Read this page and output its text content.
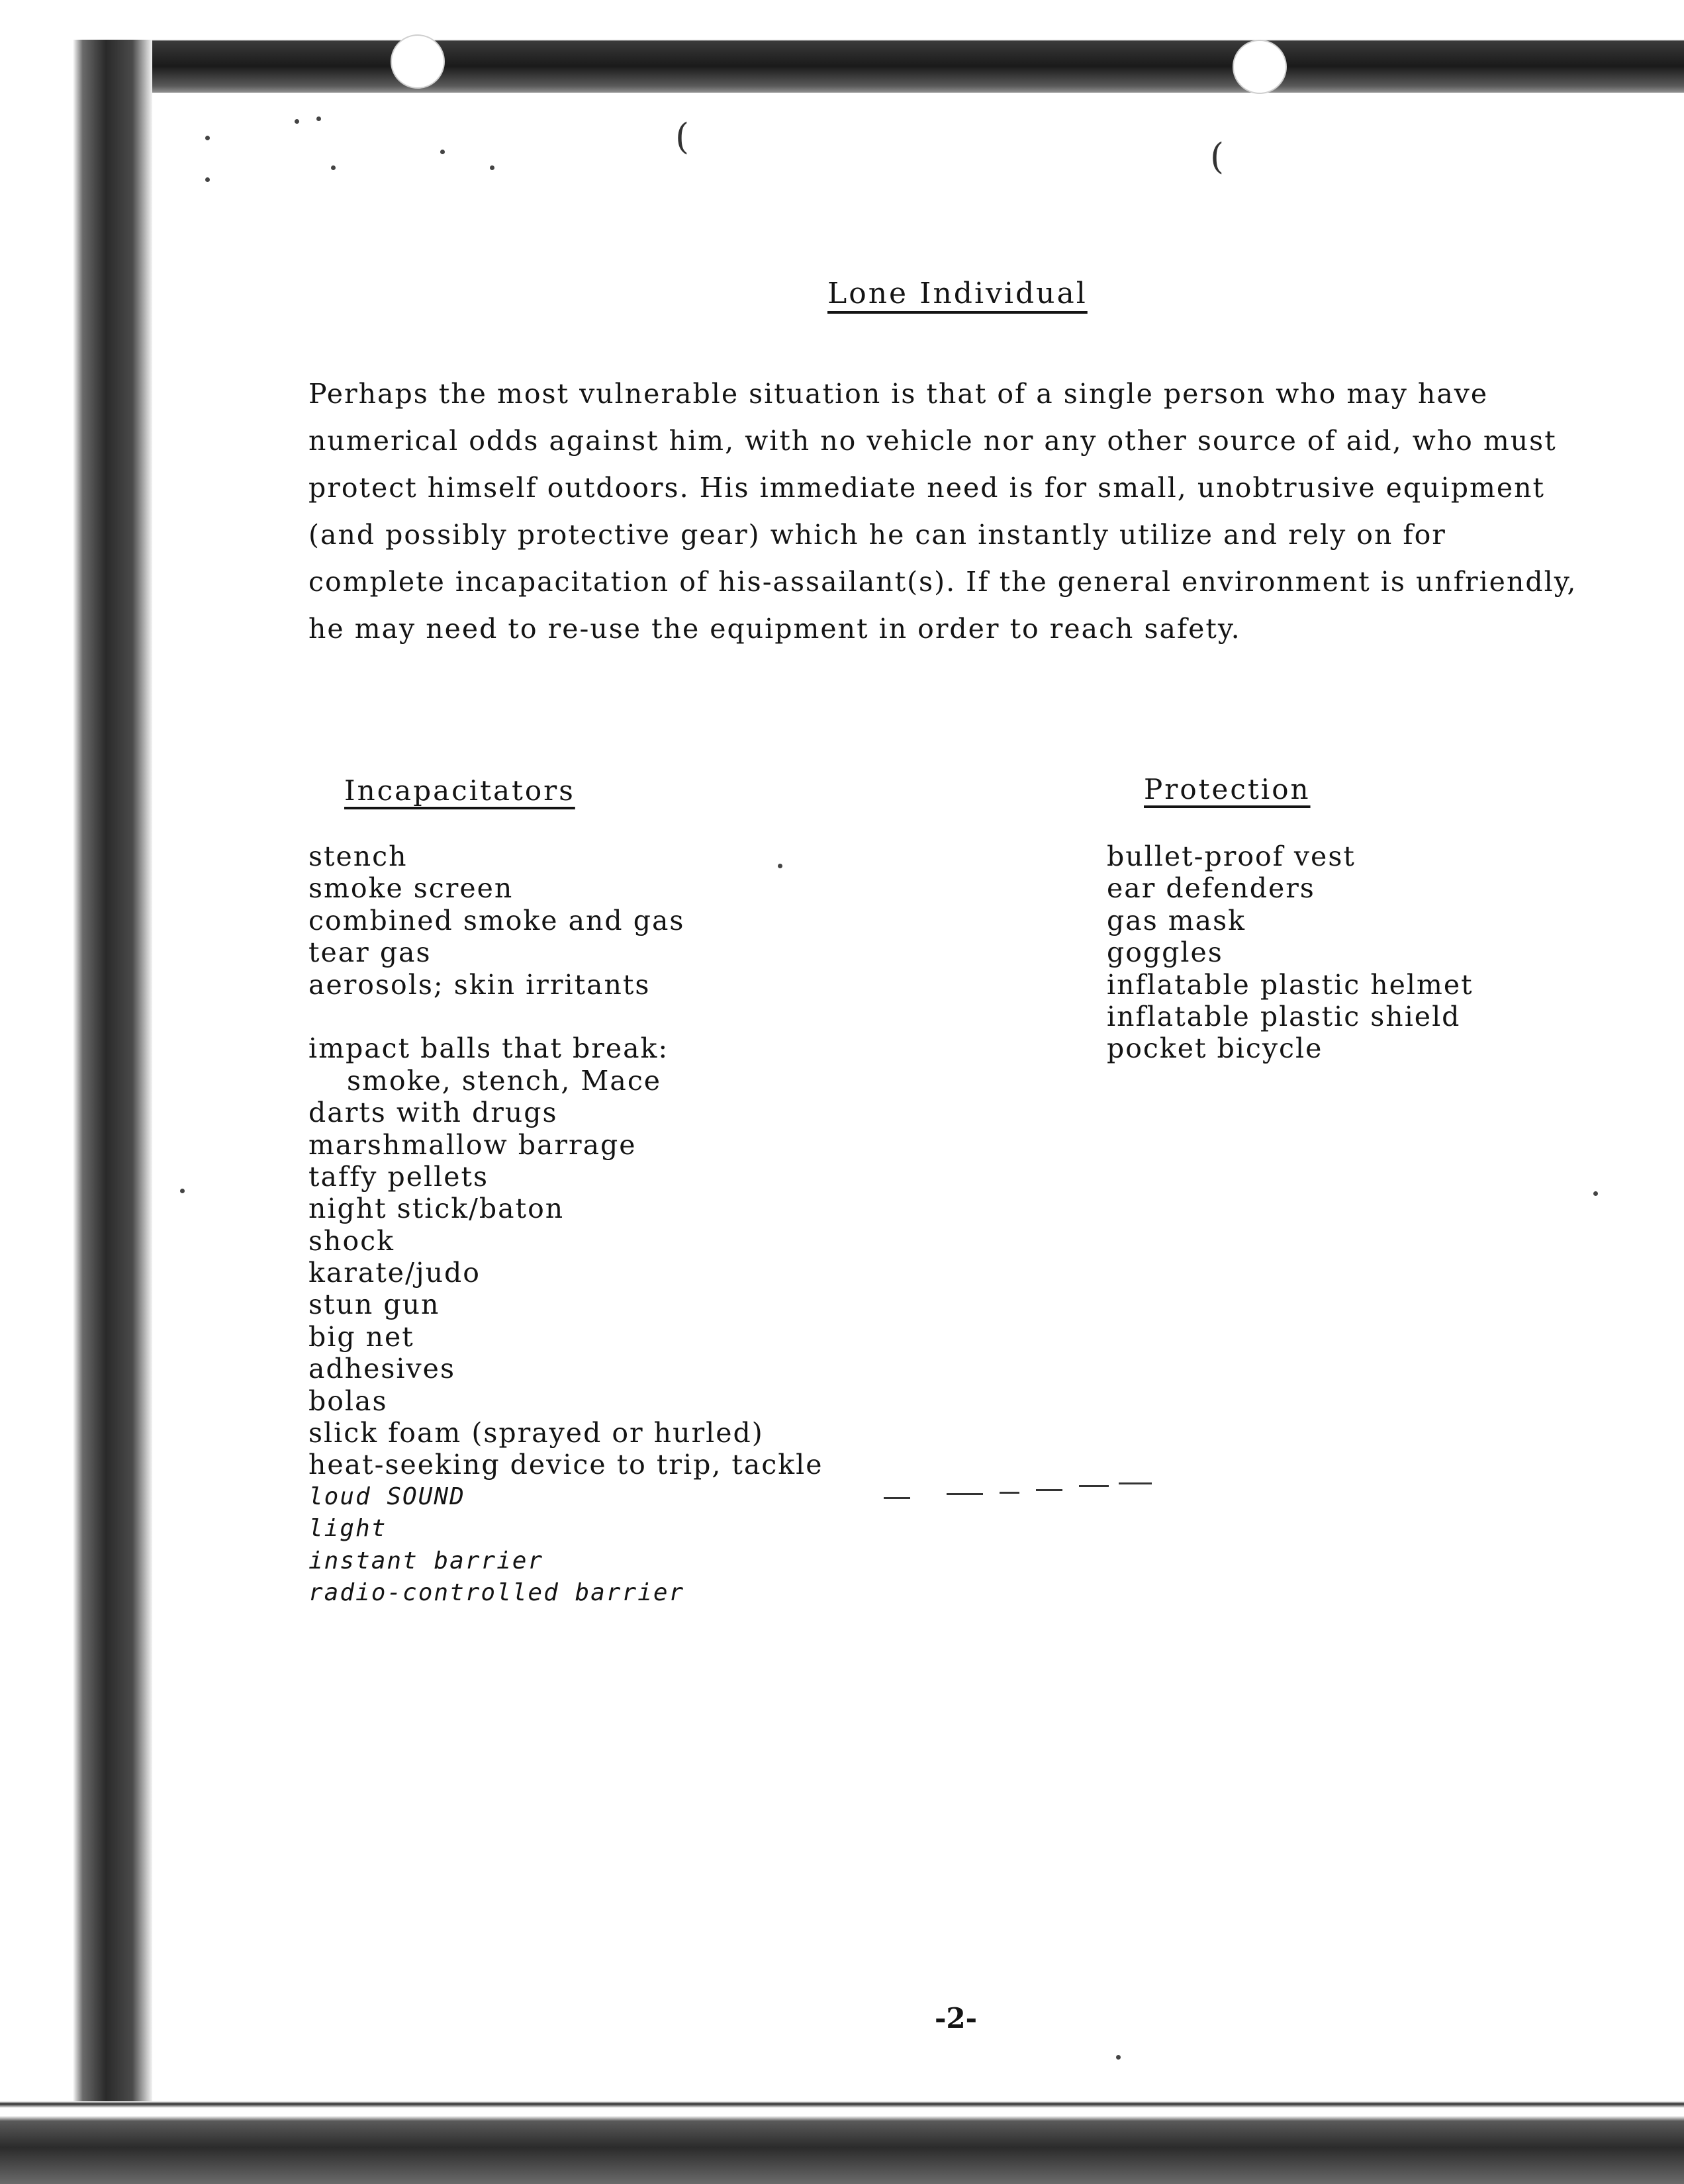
(	(
Lone Individual

Perhaps the most vulnerable situation is that of a single person who may have numerical odds against him, with no vehicle nor any other source of aid, who must protect himself outdoors. His immediate need is for small, unobtrusive equipment (and possibly protective gear) which he can instantly utilize and rely on for complete incapacitation of his-assailant(s). If the general environment is unfriendly, he may need to re-use the equipment in order to reach safety.

Incapacitators	Protection
stench
smoke screen
combined smoke and gas
tear gas
aerosols; skin irritants
impact balls that break:
smoke, stench, Mace
darts with drugs
marshmallow barrage
taffy pellets
night stick/baton
shock
karate/judo
stun gun
big net
adhesives
bolas
slick foam (sprayed or hurled)
heat-seeking device to trip, tackle
loud SOUND
light
instant barrier
radio-controlled barrier
bullet-proof vest
ear defenders
gas mask
goggles
inflatable plastic helmet
inflatable plastic shield
pocket bicycle
-2-
